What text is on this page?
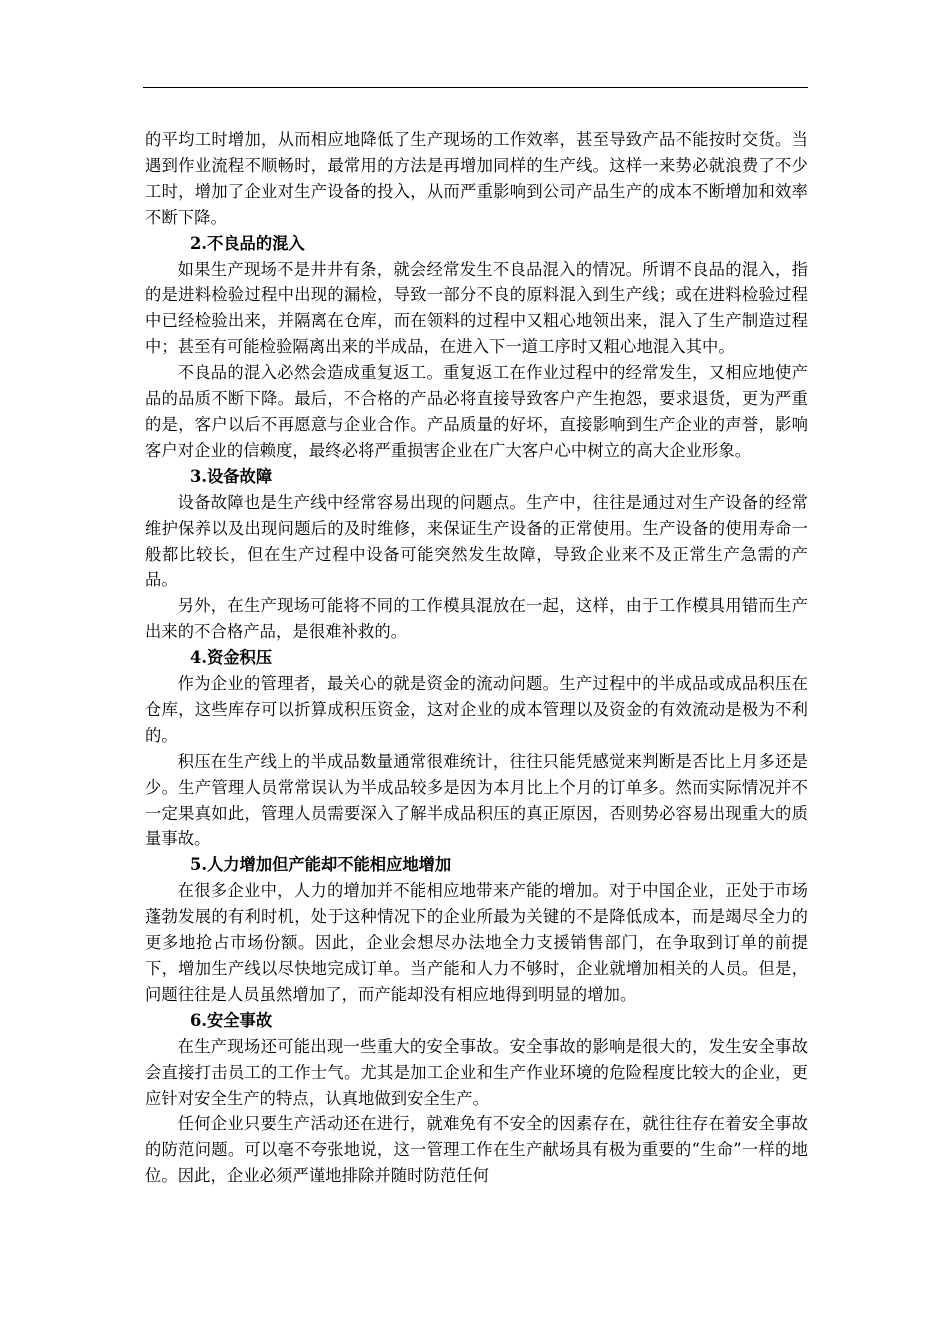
的平均工时增加，从而相应地降低了生产现场的工作效率，甚至导致产品不能按时交货。当遇到作业流程不顺畅时，最常用的方法是再增加同样的生产线。这样一来势必就浪费了不少工时，增加了企业对生产设备的投入，从而严重影响到公司产品生产的成本不断增加和效率不断下降。

2.不良品的混入

如果生产现场不是井井有条，就会经常发生不良品混入的情况。所谓不良品的混入，指的是进料检验过程中出现的漏检，导致一部分不良的原料混入到生产线；或在进料检验过程中已经检验出来，并隔离在仓库，而在领料的过程中又粗心地领出来，混入了生产制造过程中；甚至有可能检验隔离出来的半成品，在进入下一道工序时又粗心地混入其中。

不良品的混入必然会造成重复返工。重复返工在作业过程中的经常发生，又相应地使产品的品质不断下降。最后，不合格的产品必将直接导致客户产生抱怨，要求退货，更为严重的是，客户以后不再愿意与企业合作。产品质量的好坏，直接影响到生产企业的声誉，影响客户对企业的信赖度，最终必将严重损害企业在广大客户心中树立的高大企业形象。

3.设备故障

设备故障也是生产线中经常容易出现的问题点。生产中，往往是通过对生产设备的经常维护保养以及出现问题后的及时维修，来保证生产设备的正常使用。生产设备的使用寿命一般都比较长，但在生产过程中设备可能突然发生故障，导致企业来不及正常生产急需的产品。

另外，在生产现场可能将不同的工作模具混放在一起，这样，由于工作模具用错而生产出来的不合格产品，是很难补救的。

4.资金积压

作为企业的管理者，最关心的就是资金的流动问题。生产过程中的半成品或成品积压在仓库，这些库存可以折算成积压资金，这对企业的成本管理以及资金的有效流动是极为不利的。

积压在生产线上的半成品数量通常很难统计，往往只能凭感觉来判断是否比上月多还是少。生产管理人员常常误认为半成品较多是因为本月比上个月的订单多。然而实际情况并不一定果真如此，管理人员需要深入了解半成品积压的真正原因，否则势必容易出现重大的质量事故。

5.人力增加但产能却不能相应地增加

在很多企业中，人力的增加并不能相应地带来产能的增加。对于中国企业，正处于市场蓬勃发展的有利时机，处于这种情况下的企业所最为关键的不是降低成本，而是竭尽全力的更多地抢占市场份额。因此，企业会想尽办法地全力支援销售部门，在争取到订单的前提下，增加生产线以尽快地完成订单。当产能和人力不够时，企业就增加相关的人员。但是，问题往往是人员虽然增加了，而产能却没有相应地得到明显的增加。

6.安全事故

在生产现场还可能出现一些重大的安全事故。安全事故的影响是很大的，发生安全事故会直接打击员工的工作士气。尤其是加工企业和生产作业环境的危险程度比较大的企业，更应针对安全生产的特点，认真地做到安全生产。

任何企业只要生产活动还在进行，就难免有不安全的因素存在，就往往存在着安全事故的防范问题。可以毫不夸张地说，这一管理工作在生产献场具有极为重要的“生命”一样的地位。因此，企业必须严谨地排除并随时防范任何
